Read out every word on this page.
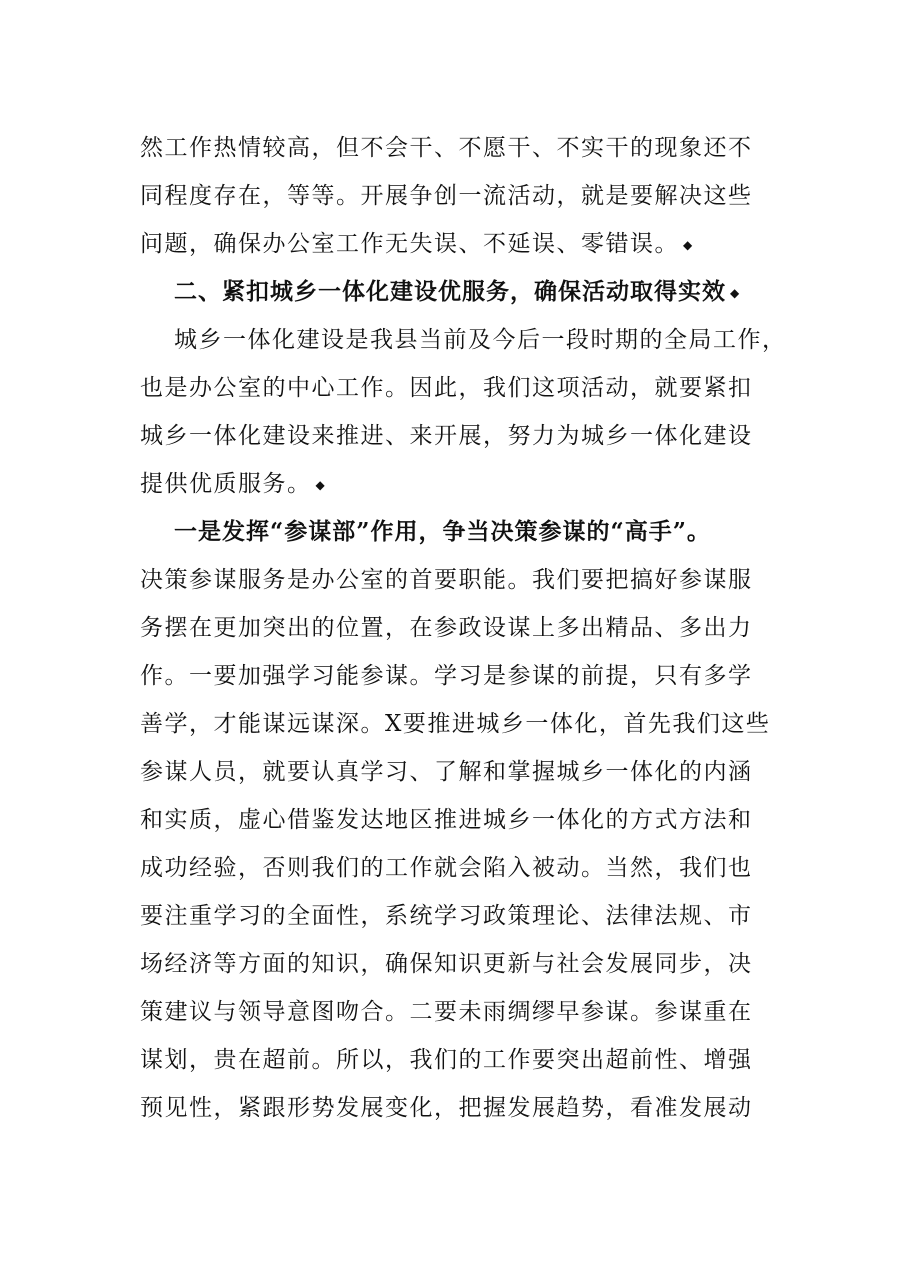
然工作热情较高，但不会干、不愿干、不实干的现象还不
同程度存在，等等。开展争创一流活动，就是要解决这些
问题，确保办公室工作无失误、不延误、零错误。 ◆
二、紧扣城乡一体化建设优服务，确保活动取得实效 ◆
城乡一体化建设是我县当前及今后一段时期的全局工作，
也是办公室的中心工作。因此，我们这项活动，就要紧扣
城乡一体化建设来推进、来开展，努力为城乡一体化建设
提供优质服务。 ◆
一是发挥“参谋部”作用，争当决策参谋的“高手”。
决策参谋服务是办公室的首要职能。我们要把搞好参谋服
务摆在更加突出的位置，在参政设谋上多出精品、多出力
作。一要加强学习能参谋。学习是参谋的前提，只有多学
善学，才能谋远谋深。X要推进城乡一体化，首先我们这些
参谋人员，就要认真学习、了解和掌握城乡一体化的内涵
和实质，虚心借鉴发达地区推进城乡一体化的方式方法和
成功经验，否则我们的工作就会陷入被动。当然，我们也
要注重学习的全面性，系统学习政策理论、法律法规、市
场经济等方面的知识，确保知识更新与社会发展同步，决
策建议与领导意图吻合。二要未雨绸缪早参谋。参谋重在
谋划，贵在超前。所以，我们的工作要突出超前性、增强
预见性，紧跟形势发展变化，把握发展趋势，看准发展动
